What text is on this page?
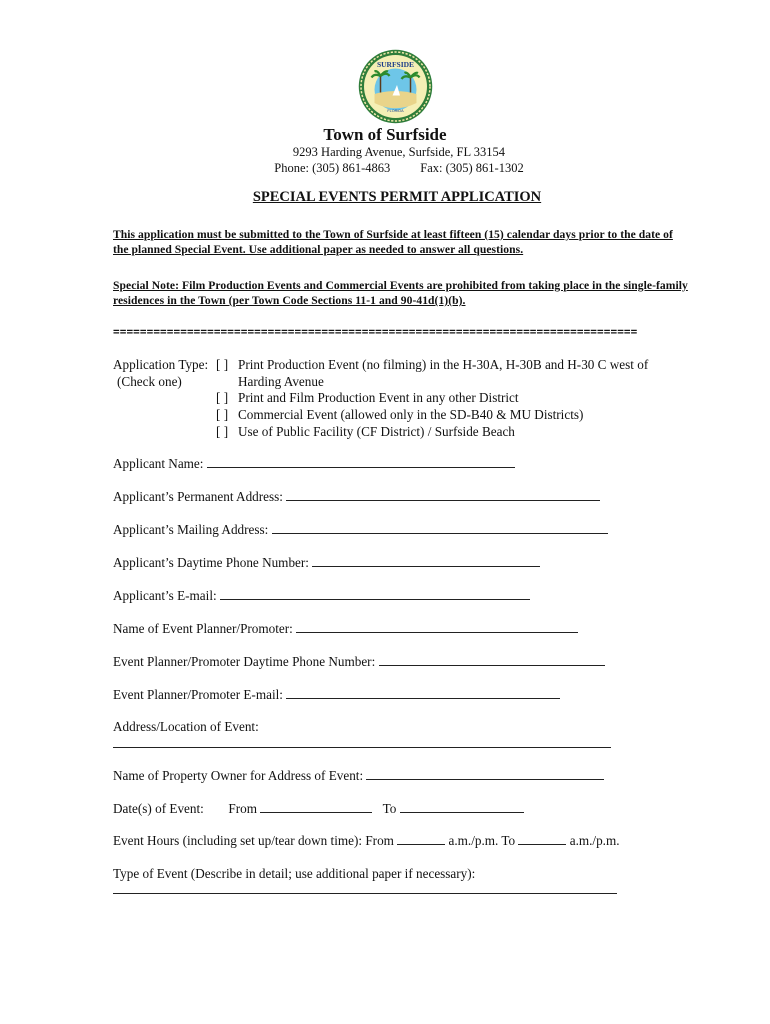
SURFSIDE
FLORIDA
Town of Surfside
9293 Harding Avenue, Surfside, FL 33154
Phone: (305) 861-4863 Fax: (305) 861-1302
SPECIAL EVENTS PERMIT APPLICATION
This application must be submitted to the Town of Surfside at least fifteen (15) calendar days prior to the date of the planned Special Event. Use additional paper as needed to answer all questions.
Special Note: Film Production Events and Commercial Events are prohibited from taking place in the single-family residences in the Town (per Town Code Sections 11-1 and 90-41d(1)(b).
==============================================================================
Application Type:
(Check one)
[ ] Print Production Event (no filming) in the H-30A, H-30B and H-30 C west of
Harding Avenue
[ ] Print and Film Production Event in any other District
[ ] Commercial Event (allowed only in the SD-B40 & MU Districts)
[ ] Use of Public Facility (CF District) / Surfside Beach
Applicant Name:
Applicant’s Permanent Address:
Applicant’s Mailing Address:
Applicant’s Daytime Phone Number:
Applicant’s E-mail:
Name of Event Planner/Promoter:
Event Planner/Promoter Daytime Phone Number:
Event Planner/Promoter E-mail:
Address/Location of Event:
Name of Property Owner for Address of Event:
Date(s) of Event: From	To
Event Hours (including set up/tear down time): From	a.m./p.m. To	a.m./p.m.
Type of Event (Describe in detail; use additional paper if necessary):
